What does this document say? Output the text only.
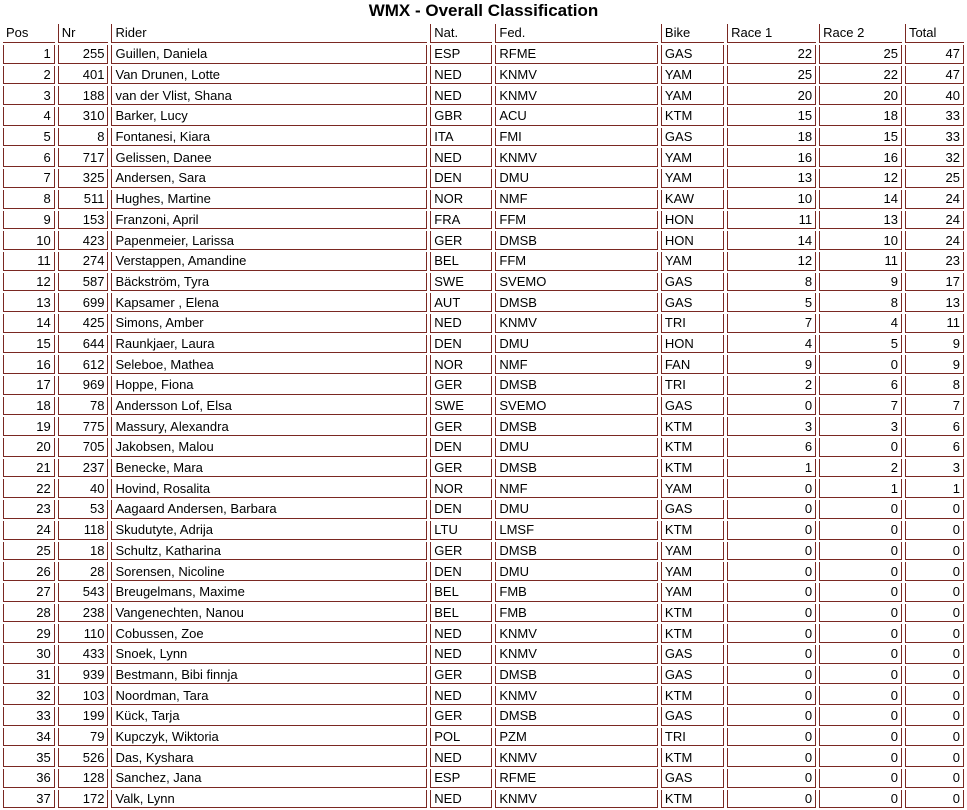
WMX - Overall Classification
Pos	Nr	Rider	Nat.	Fed.	Bike	Race 1	Race 2	Total
1	255	Guillen, Daniela	ESP	RFME	GAS	22	25	47
2	401	Van Drunen, Lotte	NED	KNMV	YAM	25	22	47
3	188	van der Vlist, Shana	NED	KNMV	YAM	20	20	40
4	310	Barker, Lucy	GBR	ACU	KTM	15	18	33
5	8	Fontanesi, Kiara	ITA	FMI	GAS	18	15	33
6	717	Gelissen, Danee	NED	KNMV	YAM	16	16	32
7	325	Andersen, Sara	DEN	DMU	YAM	13	12	25
8	511	Hughes, Martine	NOR	NMF	KAW	10	14	24
9	153	Franzoni, April	FRA	FFM	HON	11	13	24
10	423	Papenmeier, Larissa	GER	DMSB	HON	14	10	24
11	274	Verstappen, Amandine	BEL	FFM	YAM	12	11	23
12	587	Bäckström, Tyra	SWE	SVEMO	GAS	8	9	17
13	699	Kapsamer , Elena	AUT	DMSB	GAS	5	8	13
14	425	Simons, Amber	NED	KNMV	TRI	7	4	11
15	644	Raunkjaer, Laura	DEN	DMU	HON	4	5	9
16	612	Seleboe, Mathea	NOR	NMF	FAN	9	0	9
17	969	Hoppe, Fiona	GER	DMSB	TRI	2	6	8
18	78	Andersson Lof, Elsa	SWE	SVEMO	GAS	0	7	7
19	775	Massury, Alexandra	GER	DMSB	KTM	3	3	6
20	705	Jakobsen, Malou	DEN	DMU	KTM	6	0	6
21	237	Benecke, Mara	GER	DMSB	KTM	1	2	3
22	40	Hovind, Rosalita	NOR	NMF	YAM	0	1	1
23	53	Aagaard Andersen, Barbara	DEN	DMU	GAS	0	0	0
24	118	Skudutyte, Adrija	LTU	LMSF	KTM	0	0	0
25	18	Schultz, Katharina	GER	DMSB	YAM	0	0	0
26	28	Sorensen, Nicoline	DEN	DMU	YAM	0	0	0
27	543	Breugelmans, Maxime	BEL	FMB	YAM	0	0	0
28	238	Vangenechten, Nanou	BEL	FMB	KTM	0	0	0
29	110	Cobussen, Zoe	NED	KNMV	KTM	0	0	0
30	433	Snoek, Lynn	NED	KNMV	GAS	0	0	0
31	939	Bestmann, Bibi finnja	GER	DMSB	GAS	0	0	0
32	103	Noordman, Tara	NED	KNMV	KTM	0	0	0
33	199	Kück, Tarja	GER	DMSB	GAS	0	0	0
34	79	Kupczyk, Wiktoria	POL	PZM	TRI	0	0	0
35	526	Das, Kyshara	NED	KNMV	KTM	0	0	0
36	128	Sanchez, Jana	ESP	RFME	GAS	0	0	0
37	172	Valk, Lynn	NED	KNMV	KTM	0	0	0
